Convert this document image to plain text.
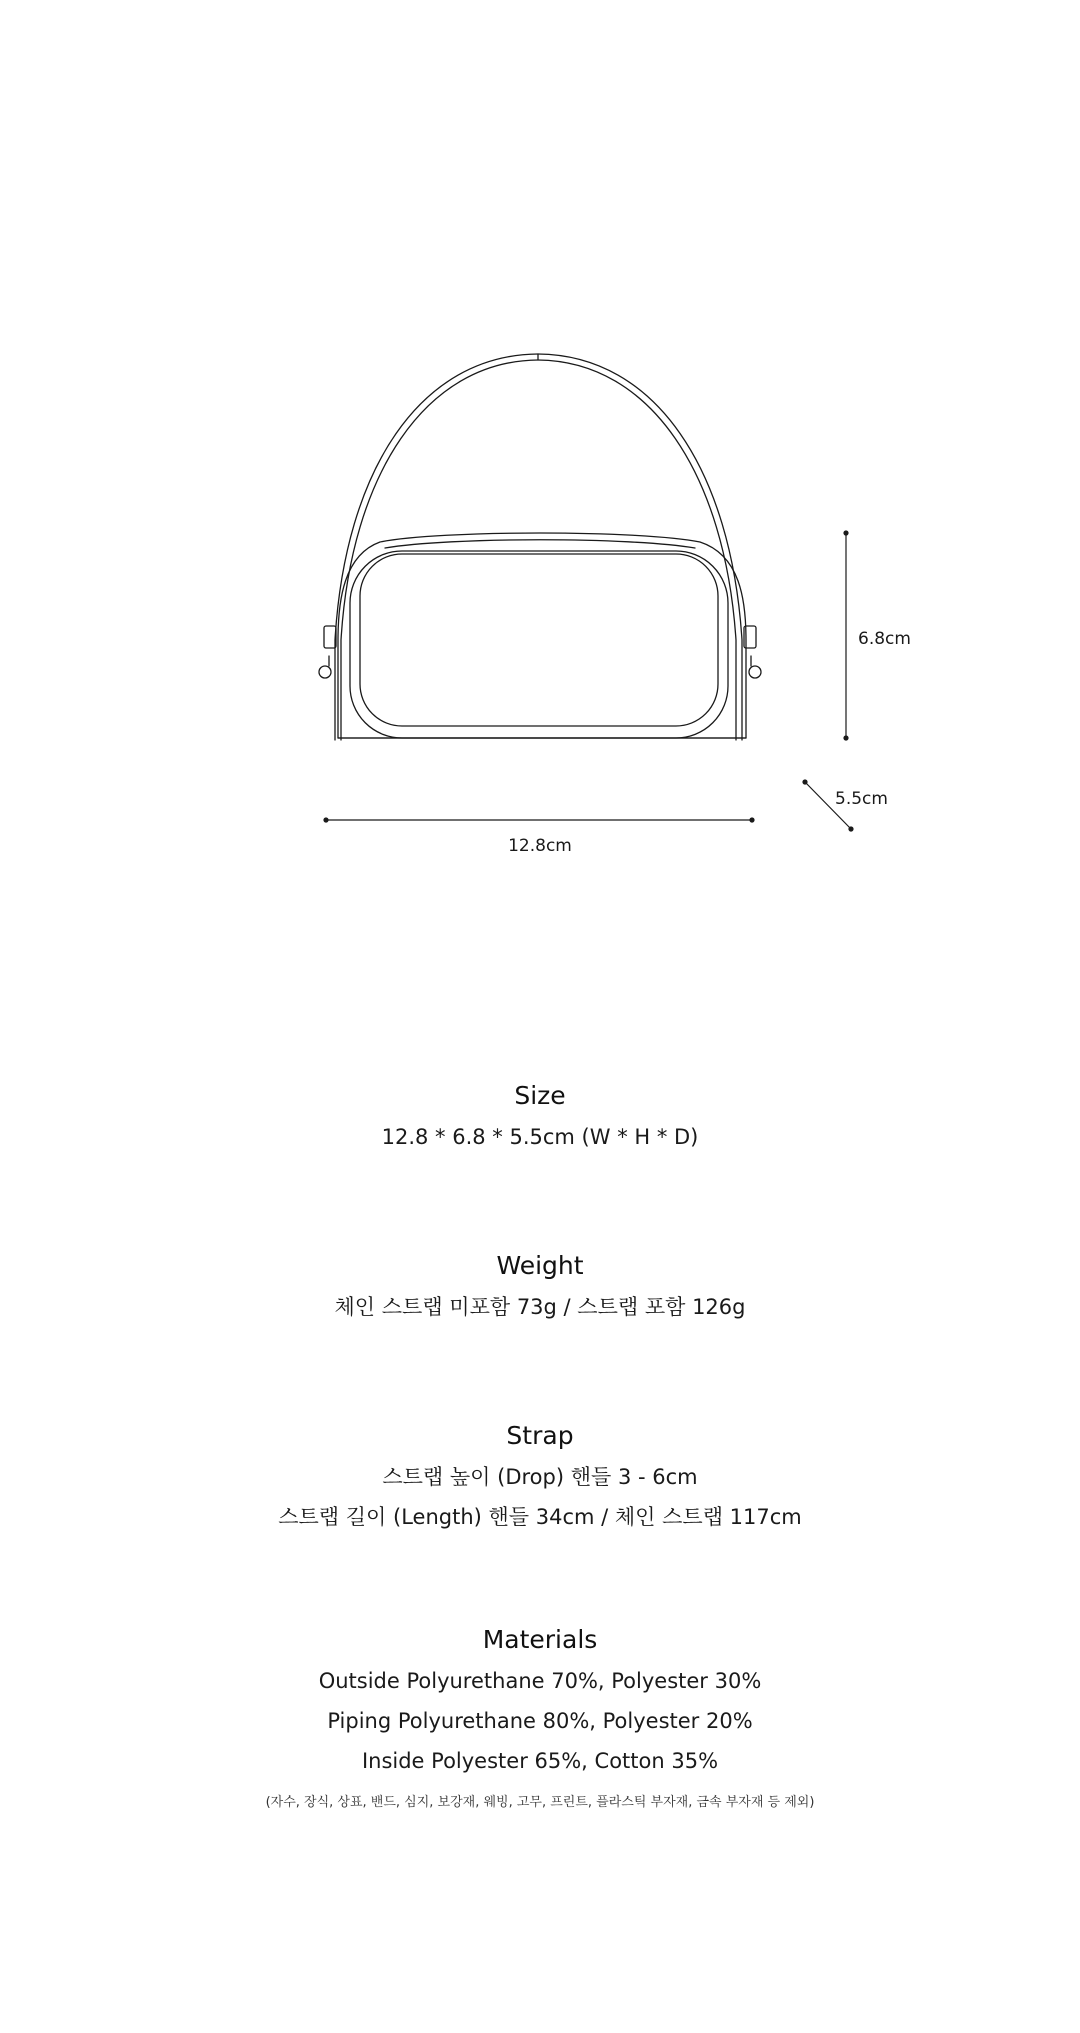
12.8cm
6.8cm
5.5cm
Size

12.8 * 6.8 * 5.5cm (W * H * D)

Weight

체인 스트랩 미포함 73g / 스트랩 포함 126g

Strap

스트랩 높이 (Drop) 핸들 3 - 6cm

스트랩 길이 (Length) 핸들 34cm / 체인 스트랩 117cm

Materials

Outside Polyurethane 70%, Polyester 30%

Piping Polyurethane 80%, Polyester 20%

Inside Polyester 65%, Cotton 35%

(자수, 장식, 상표, 밴드, 심지, 보강재, 웨빙, 고무, 프린트, 플라스틱 부자재, 금속 부자재 등 제외)
